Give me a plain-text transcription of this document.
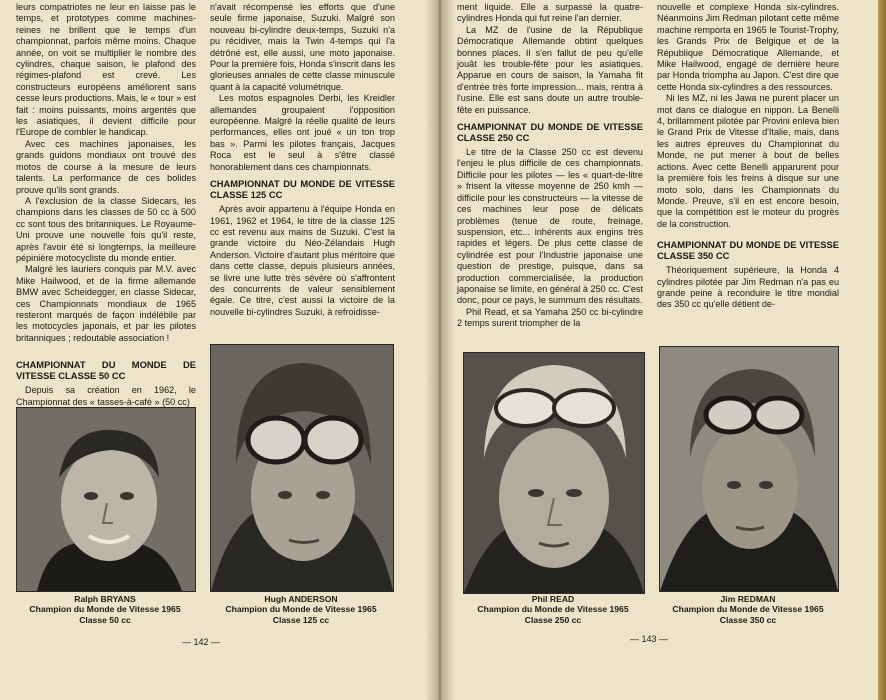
leurs compatriotes ne leur en laisse pas le temps, et prototypes comme machines-reines ne brillent que le temps d'un championnat, parfois même moins. Chaque année, on voit se multiplier le nombre des cylindres, chaque saison, le plafond des régimes-plafond est crevé. Les constructeurs européens améliorent sans cesse leurs productions. Mais, le « tour » est fait : moins puissants, moins argentés que les asiatiques, il devient difficile pour l'Europe de combler le handicap.

Avec ces machines japonaises, les grands guidons mondiaux ont trouvé des motos de course à la mesure de leurs talents. La performance de ces bolides prouve qu'ils sont grands.

A l'exclusion de la classe Sidecars, les champions dans les classes de 50 cc à 500 cc sont tous des britanniques. Le Royaume-Uni prouve une nouvelle fois qu'il reste, après l'avoir été si longtemps, la meilleure pépinière motocycliste du monde entier.

Malgré les lauriers conquis par M.V. avec Mike Hailwood, et de la firme allemande BMW avec Scheidegger, en classe Sidecar, ces Championnats mondiaux de 1965 resteront marqués de façon indélébile par les motocycles japonais, et par les pilotes britanniques ; redoutable association !

CHAMPIONNAT DU MONDE DE VITESSE CLASSE 50 CC

Depuis sa création en 1962, le Championnat des « tasses-à-café » (50 cc)

n'avait récompensé les efforts que d'une seule firme japonaise, Suzuki. Malgré son nouveau bi-cylindre deux-temps, Suzuki n'a pu récidiver, mais la Twin 4-temps qui l'a détrôné est, elle aussi, une moto japonaise. Pour la première fois, Honda s'inscrit dans les glorieuses annales de cette classe minuscule quant à la capacité volumétrique.

Les motos espagnoles Derbi, les Kreidler allemandes groupaient l'opposition européenne. Malgré la réelle qualité de leurs performances, elles ont joué « un ton trop bas ». Parmi les pilotes français, Jacques Roca est le seul à s'être classé honorablement dans ces championnats.

CHAMPIONNAT DU MONDE DE VITESSE CLASSE 125 CC

Après avoir appartenu à l'équipe Honda en 1961, 1962 et 1964, le titre de la classe 125 cc est revenu aux mains de Suzuki. C'est la grande victoire du Néo-Zélandais Hugh Anderson. Victoire d'autant plus méritoire que dans cette classe, depuis plusieurs années, se livre une lutte très sévère où s'affrontent des concurrents de valeur sensiblement égale. Ce titre, c'est aussi la victoire de la nouvelle bi-cylindres Suzuki, à refroidisse-

Ralph BRYANS
Champion du Monde de Vitesse 1965
Classe 50 cc
Hugh ANDERSON
Champion du Monde de Vitesse 1965
Classe 125 cc
— 142 —

ment liquide. Elle a surpassé la quatre-cylindres Honda qui fut reine l'an dernier.

La MZ de l'usine de la République Démocratique Allemande obtint quelques bonnes places. Il s'en fallut de peu qu'elle jouât les trouble-fête pour les asiatiques. Apparue en cours de saison, la Yamaha fit d'entrée très forte impression... mais, rentra à l'usine. Elle est sans doute un autre trouble-fête en puissance.

CHAMPIONNAT DU MONDE DE VITESSE CLASSE 250 CC

Le titre de la Classe 250 cc est devenu l'enjeu le plus difficile de ces championnats. Difficile pour les pilotes — les « quart-de-litre » frisent la vitesse moyenne de 250 kmh — difficile pour les constructeurs — la vitesse de ces machines leur pose de délicats problèmes (tenue de route, freinage, suspension, etc... inhérents aux engins très rapides et légers. De plus cette classe de cylindrée est pour l'Industrie japonaise une question de prestige, puisque, dans sa production commercialisée, la production japonaise se limite, en général à 250 cc. C'est donc, pour ce pays, le summum des résultats.

Phil Read, et sa Yamaha 250 cc bi-cylindre 2 temps surent triompher de la

nouvelle et complexe Honda six-cylindres. Néanmoins Jim Redman pilotant cette même machine remporta en 1965 le Tourist-Trophy, les Grands Prix de Belgique et de la République Démocratique Allemande, et Mike Hailwood, engagé de dernière heure par Honda triompha au Japon. C'est dire que cette Honda six-cylindres a des ressources.

Ni les MZ, ni les Jawa ne purent placer un mot dans ce dialogue en nippon. La Benelli 4, brillamment pilotée par Provini enleva bien le Grand Prix de Vitesse d'Italie, mais, dans les autres épreuves du Championnat du Monde, ne put mener à bout de belles actions. Avec cette Benelli apparurent pour la première fois les freins à disque sur une moto solo, dans les Championnats du Monde. Preuve, s'il en est encore besoin, que la compétition est le moteur du progrès de la construction.

CHAMPIONNAT DU MONDE DE VITESSE CLASSE 350 CC

Théoriquement supérieure, la Honda 4 cylindres pilotée par Jim Redman n'a pas eu grande peine à reconduire le titre mondial des 350 cc qu'elle détient de-

Phil READ
Champion du Monde de Vitesse 1965
Classe 250 cc
Jim REDMAN
Champion du Monde de Vitesse 1965
Classe 350 cc
— 143 —
